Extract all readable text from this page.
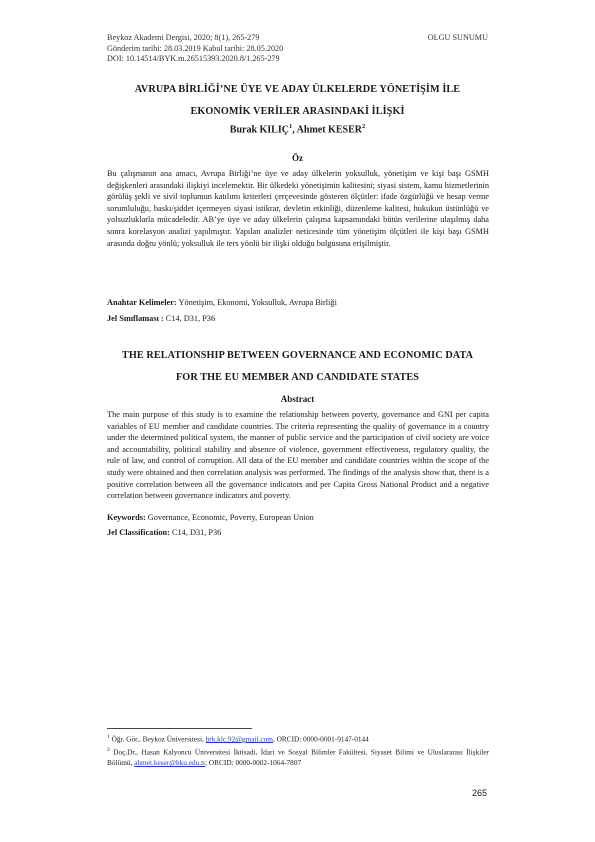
Beykoz Akademi Dergisi, 2020; 8(1), 265-279
Gönderim tarihi: 28.03.2019 Kabul tarihi: 28.05.2020
DOI: 10.14514/BYK.m.26515393.2020.8/1.265-279
OLGU SUNUMU
AVRUPA BİRLİĞİ’NE ÜYE VE ADAY ÜLKELERDE YÖNETİŞİM İLE
EKONOMİK VERİLER ARASINDAKİ İLİŞKİ
Burak KILIÇ$^1$, Ahmet KESER$^2$
Öz
Bu çalışmanın ana amacı, Avrupa Birliği’ne üye ve aday ülkelerin yoksulluk, yönetişim ve kişi başı GSMH değişkenleri arasındaki ilişkiyi incelemektir. Bir ülkedeki yönetişimin kalitesini; siyasi sistem, kamu hizmetlerinin görülüş şekli ve sivil toplumun katılımı kriterleri çerçevesinde gösteren ölçütler: ifade özgürlüğü ve hesap verme sorumluluğu, baskı/şiddet içermeyen siyasi istikrar, devletin etkinliği, düzenleme kalitesi, hukukun üstünlüğü ve yolsuzluklarla mücadeledir. AB’ye üye ve aday ülkelerin çalışma kapsamındaki bütün verilerine ulaşılmış daha sonra korelasyon analizi yapılmıştır. Yapılan analizler neticesinde tüm yönetişim ölçütleri ile kişi başı GSMH arasında doğru yönlü; yoksulluk ile ters yönlü bir ilişki olduğu bulgusuna erişilmiştir.
Anahtar Kelimeler: Yönetişim, Ekonomi, Yoksulluk, Avrupa Birliği
Jel Sınıflaması : C14, D31, P36
THE RELATIONSHIP BETWEEN GOVERNANCE AND ECONOMIC DATA
FOR THE EU MEMBER AND CANDIDATE STATES
Abstract
The main purpose of this study is to examine the relationship between poverty, governance and GNI per capita variables of EU member and candidate countries. The criteria representing the quality of governance in a country under the determined political system, the manner of public service and the participation of civil society are voice and accountability, political stability and absence of violence, government effectiveness, regulatory quality, the rule of law, and control of corruption. All data of the EU member and candidate countries within the scope of the study were obtained and then correlation analysis was performed. The findings of the analysis show that, there is a positive correlation between all the governance indicators and per Capita Gross National Product and a negative correlation between governance indicators and poverty.
Keywords: Governance, Economic, Poverty, European Union
Jel Classification: C14, D31, P36
$^1$ Öğr. Gör., Beykoz Üniversitesi, brk.klc.92@gmail.com, ORCID: 0000-0001-9147-0144
$^2$ Doç.Dr., Hasan Kalyoncu Üniversitesi İktisadi, İdari ve Sosyal Bilimler Fakültesi, Siyaset Bilimi ve Uluslararası İlişkiler Bölümü, ahmet.keser@hku.edu.tr, ORCID: 0000-0002-1064-7807
265
